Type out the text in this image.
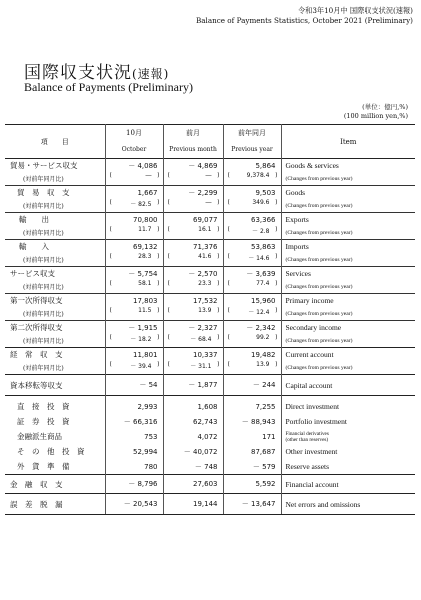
令和3年10月中 国際収支状況(速報)
Balance of Payments Statistics, October 2021 (Preliminary)
国際収支状況(速報)
Balance of Payments (Preliminary)
(単位：億円,%)
(100 million yen,%)
項　　目	10月	前月	前年同月	Item
	October	Previous month	Previous year	
貿易・サービス収支	－ 4,086	－ 4,869	5,864	Goods & services
(対前年同月比)	( ― )	( ― )	( 9,378.4 )	(Changes from previous year)
貿　易　収　支	1,667	－ 2,299	9,503	Goods
(対前年同月比)	( － 82.5 )	( ― )	( 349.6 )	(Changes from previous year)
輸　　出	70,800	69,077	63,366	Exports
(対前年同月比)	( 11.7 )	( 16.1 )	( － 2.8 )	(Changes from previous year)
輸　　入	69,132	71,376	53,863	Imports
(対前年同月比)	( 28.3 )	( 41.6 )	( － 14.6 )	(Changes from previous year)
サービス収支	－ 5,754	－ 2,570	－ 3,639	Services
(対前年同月比)	( 58.1 )	( 23.3 )	( 77.4 )	(Changes from previous year)
第一次所得収支	17,803	17,532	15,960	Primary income
(対前年同月比)	( 11.5 )	( 13.9 )	( － 12.4 )	(Changes from previous year)
第二次所得収支	－ 1,915	－ 2,327	－ 2,342	Secondary income
(対前年同月比)	( － 18.2 )	( － 68.4 )	( 99.2 )	(Changes from previous year)
経　常　収　支	11,801	10,337	19,482	Current account
(対前年同月比)	( － 39.4 )	( － 31.1 )	( 13.9 )	(Changes from previous year)
資本移転等収支	－ 54	－ 1,877	－ 244	Capital account
直　接　投　資	2,993	1,608	7,255	Direct investment
証　券　投　資	－ 66,316	62,743	－ 88,943	Portfolio investment
金融派生商品	753	4,072	171	Financial derivatives
(other than reserves)

そ　の　他　投　資	52,994	－ 40,072	87,687	Other investment
外　貨　準　備	780	－ 748	－ 579	Reserve assets
金　融　収　支	－ 8,796	27,603	5,592	Financial account
誤　差　脱　漏	－ 20,543	19,144	－ 13,647	Net errors and omissions
